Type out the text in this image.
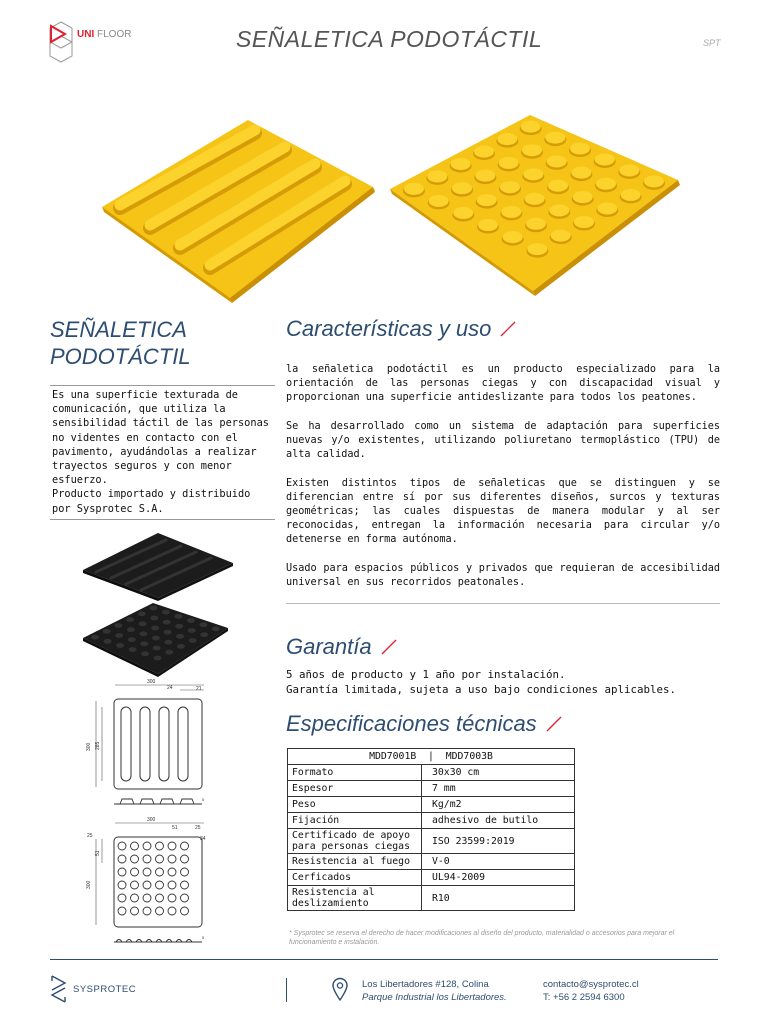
UNI FLOOR	SEÑALETICA PODOTÁCTIL	SPT
SEÑALETICA
PODOTÁCTIL

Es una superficie texturada de comunicación, que utiliza la sensibilidad táctil de las personas no videntes en contacto con el pavimento, ayudándolas a realizar trayectos seguros y con menor esfuerzo.

Producto importado y distribuido por Sysprotec S.A.

300
24	21
300 285
5
300
51	25
25	34
300
51
5
Características y uso

la señaletica podotáctil es un producto especializado para la orientación de las personas ciegas y con discapacidad visual y proporcionan una superficie antideslizante para todos los peatones.

Se ha desarrollado como un sistema de adaptación para superficies nuevas y/o existentes, utilizando poliuretano termoplástico (TPU) de alta calidad.

Existen distintos tipos de señaleticas que se distinguen y se diferencian entre sí por sus diferentes diseños, surcos y texturas geométricas; las cuales dispuestas de manera modular y al ser reconocidas, entregan la información necesaria para circular y/o detenerse en forma autónoma.

Usado para espacios públicos y privados que requieran de accesibilidad universal en sus recorridos peatonales.

Garantía

5 años de producto y 1 año por instalación.

Garantía limitada, sujeta a uso bajo condiciones aplicables.

Especificaciones técnicas
MDD7001B  |  MDD7003B	
Formato	30x30 cm
Espesor	7 mm
Peso	Kg/m2
Fijación	adhesivo de butilo
Certificado de apoyo para personas ciegas	ISO 23599:2019
Resistencia al fuego	V-0
Cerficados	UL94-2009
Resistencia al deslizamiento	R10
* Sysprotec se reserva el derecho de hacer modificaciones al diseño del producto, materialidad o accesorios para mejorar el funcionamiento e instalación.
SYSPROTEC	Los Libertadores #128, Colina
Parque Industrial los Libertadores.
contacto@sysprotec.cl
T: +56 2 2594 6300
